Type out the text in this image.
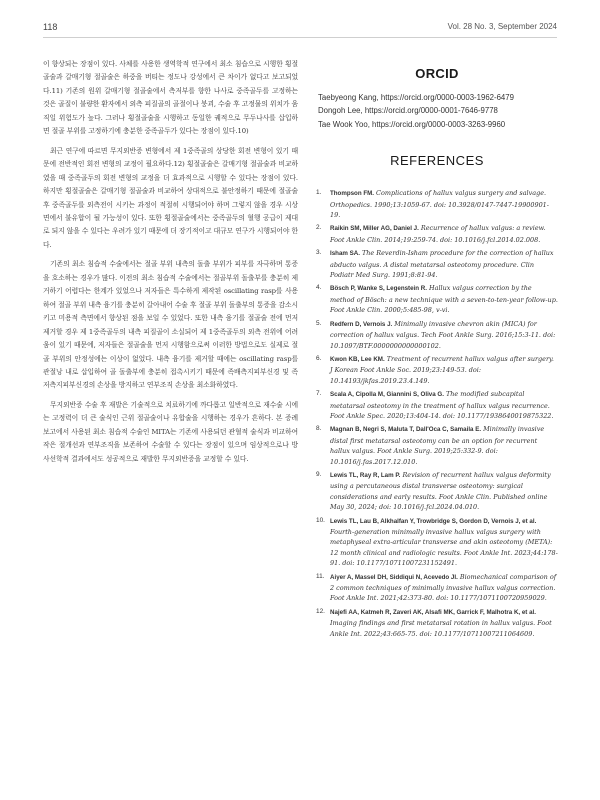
118	Vol. 28 No. 3, September 2024

이 향상되는 장점이 있다. 사체를 사용한 생역학적 연구에서 최소 침습으로 시행한 횡절골술과 갈매기형 절골술은 하중을 버티는 정도나 강성에서 큰 차이가 없다고 보고되었다.11) 기존의 원위 갈매기형 절골술에서 측저부를 향한 나사로 중족골두를 고정하는 것은 골질이 불량한 환자에서 외측 피질골의 골절이나 붕괴, 수술 후 고정물의 위치가 움직일 위험도가 높다. 그러나 횡절골술을 시행하고 동일한 궤적으로 무두나사를 삽입하면 절골 부위를 고정하기에 충분한 중족골두가 있다는 장점이 있다.10)

최근 연구에 따르면 무지외반증 변형에서 제 1중족골의 상당한 회전 변형이 있기 때문에 전반적인 회전 변형의 교정이 필요하다.12) 횡절골술은 갈매기형 절골술과 비교하였을 때 중족골두의 회전 변형의 교정을 더 효과적으로 시행할 수 있다는 장점이 있다. 하지만 횡절골술은 갈매기형 절골술과 비교하여 상대적으로 불안정하기 때문에 절골술 후 중족골두를 외측전이 시키는 과정이 적절히 시행되어야 하며 그렇지 않을 경우 시상면에서 불유합이 될 가능성이 있다. 또한 횡절골술에서는 중족골두의 혈행 공급이 제대로 되지 않을 수 있다는 우려가 있기 때문에 더 장기적이고 대규모 연구가 시행되어야 한다.

기존의 최소 침습적 수술에서는 절골 부위 내측의 돌출 부위가 피부를 자극하며 통증을 호소하는 경우가 많다. 이전의 최소 침습적 수술에서는 절골부위 돌출부를 충분히 제거하기 어렵다는 한계가 있었으나 저자들은 특수하게 제작된 oscillating rasp를 사용하여 절골 부위 내측 융기를 충분히 갈아내어 수술 후 절골 부위 돌출부의 통증을 감소시키고 미용적 측면에서 향상된 점을 보일 수 있었다. 또한 내측 융기를 절골술 전에 먼저 제거할 경우 제 1중족골두의 내측 피질골이 소실되어 제 1중족골두의 외측 전위에 어려움이 있기 때문에, 저자들은 절골술을 먼저 시행함으로써 이러한 방법으로도 실제로 절골 부위의 안정성에는 이상이 없었다. 내측 융기를 제거할 때에는 oscillating rasp를 관절낭 내로 삽입하여 골 돌출부에 충분히 접촉시키기 때문에 족배측지피부신경 및 족저측지피부신경의 손상을 방지하고 연부조직 손상을 최소화하였다.

무지외반증 수술 후 재발은 기술적으로 치료하기에 까다롭고 일반적으로 재수술 시에는 고정력이 더 큰 술식인 근위 절골술이나 유합술을 시행하는 경우가 흔하다. 본 증례 보고에서 사용된 최소 침습적 수술인 MITA는 기존에 사용되던 관혈적 술식과 비교하여 작은 절개선과 연부조직을 보존하여 수술할 수 있다는 장점이 있으며 임상적으로나 방사선학적 결과에서도 성공적으로 재발한 무지외반증을 교정할 수 있다.

ORCID
Taebyeong Kang, https://orcid.org/0000-0003-1962-6479
Dongoh Lee, https://orcid.org/0000-0001-7646-9778
Tae Wook Yoo, https://orcid.org/0000-0003-3263-9960
REFERENCES
1. Thompson FM. Complications of hallux valgus surgery and salvage. Orthopedics. 1990;13:1059-67. doi: 10.3928/0147-7447-19900901-19.
2. Raikin SM, Miller AG, Daniel J. Recurrence of hallux valgus: a review. Foot Ankle Clin. 2014;19:259-74. doi: 10.1016/j.fcl.2014.02.008.
3. Isham SA. The Reverdin-Isham procedure for the correction of hallux abducto valgus. A distal metatarsal osteotomy procedure. Clin Podiatr Med Surg. 1991;8:81-94.
4. Bösch P, Wanke S, Legenstein R. Hallux valgus correction by the method of Bösch: a new technique with a seven-to-ten-year follow-up. Foot Ankle Clin. 2000;5:485-98, v-vi.
5. Redfern D, Vernois J. Minimally invasive chevron akin (MICA) for correction of hallux valgus. Tech Foot Ankle Surg. 2016;15:3-11. doi: 10.1097/BTF.0000000000000102.
6. Kwon KB, Lee KM. Treatment of recurrent hallux valgus after surgery. J Korean Foot Ankle Soc. 2019;23:149-53. doi: 10.14193/jkfas.2019.23.4.149.
7. Scala A, Cipolla M, Giannini S, Oliva G. The modified subcapital metatarsal osteotomy in the treatment of hallux valgus recurrence. Foot Ankle Spec. 2020;13:404-14. doi: 10.1177/1938640019875322.
8. Magnan B, Negri S, Maluta T, Dall'Oca C, Samaila E. Minimally invasive distal first metatarsal osteotomy can be an option for recurrent hallux valgus. Foot Ankle Surg. 2019;25:332-9. doi: 10.1016/j.fas.2017.12.010.
9. Lewis TL, Ray R, Lam P. Revision of recurrent hallux valgus deformity using a percutaneous distal transverse osteotomy: surgical considerations and early results. Foot Ankle Clin. Published online May 30, 2024; doi: 10.1016/j.fcl.2024.04.010.
10. Lewis TL, Lau B, Alkhalfan Y, Trowbridge S, Gordon D, Vernois J, et al. Fourth-generation minimally invasive hallux valgus surgery with metaphyseal extra-articular transverse and akin osteotomy (META): 12 month clinical and radiologic results. Foot Ankle Int. 2023;44:178-91. doi: 10.1177/10711007231152491.
11. Aiyer A, Massel DH, Siddiqui N, Acevedo JI. Biomechanical comparison of 2 common techniques of minimally invasive hallux valgus correction. Foot Ankle Int. 2021;42:373-80. doi: 10.1177/1071100720959029.
12. Najefi AA, Katmeh R, Zaveri AK, Alsafi MK, Garrick F, Malhotra K, et al. Imaging findings and first metatarsal rotation in hallux valgus. Foot Ankle Int. 2022;43:665-75. doi: 10.1177/10711007211064609.
